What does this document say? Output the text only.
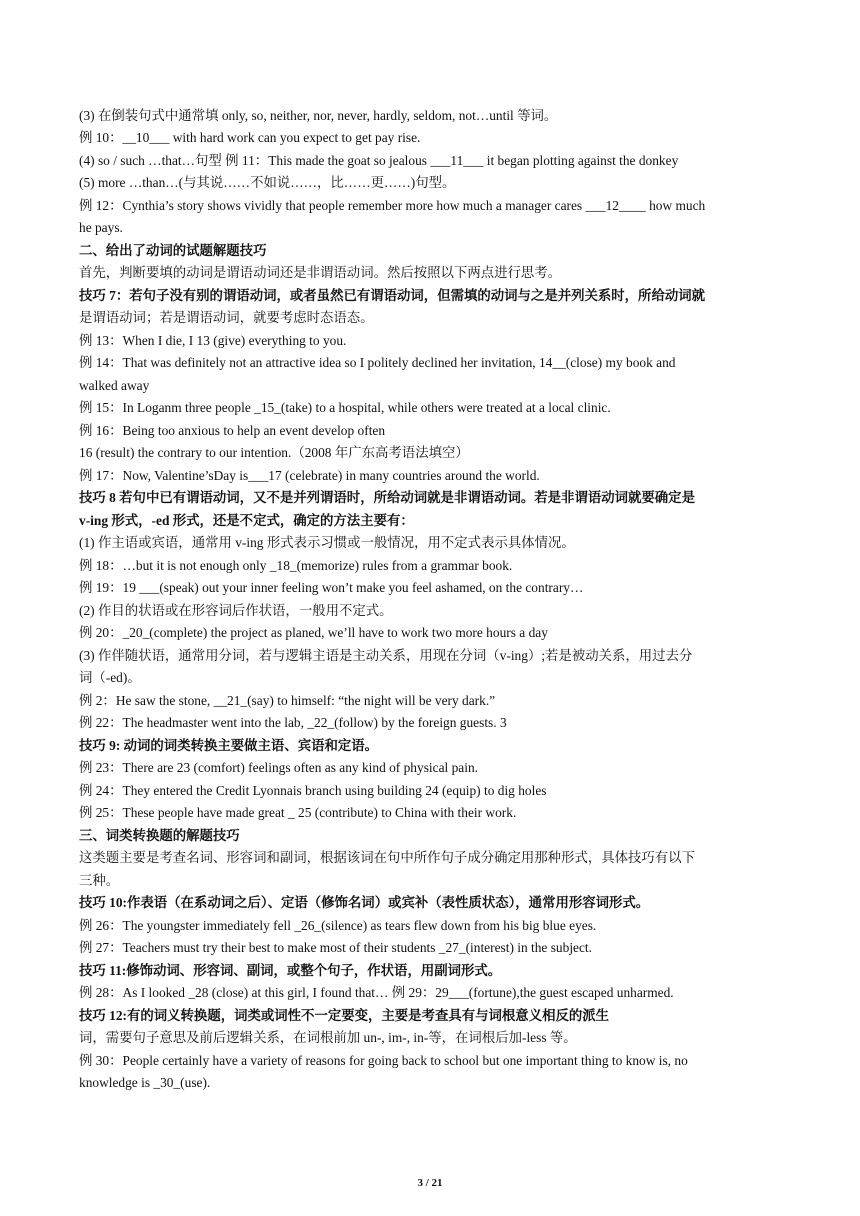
(3) 在倒装句式中通常填 only, so, neither, nor, never, hardly, seldom, not…until 等词。
例 10：__10___ with hard work can you expect to get pay rise.
(4) so / such …that…句型 例 11：This made the goat so jealous ___11___ it began plotting against the donkey
(5) more …than…(与其说……不如说……，比……更……)句型。
例 12：Cynthia’s story shows vividly that people remember more how much a manager cares ___12____ how much
he pays.
二、给出了动词的试题解题技巧
首先，判断要填的动词是谓语动词还是非谓语动词。然后按照以下两点进行思考。
技巧 7：若句子没有别的谓语动词，或者虽然已有谓语动词，但需填的动词与之是并列关系时，所给动词就
是谓语动词；若是谓语动词，就要考虑时态语态。
例 13：When I die, I 13 (give) everything to you.
例 14：That was definitely not an attractive idea so I politely declined her invitation, 14__(close) my book and
walked away
例 15：In Loganm three people _15_(take) to a hospital, while others were treated at a local clinic.
例 16：Being too anxious to help an event develop often
16 (result) the contrary to our intention.（2008 年广东高考语法填空）
例 17：Now, Valentine’sDay is___17 (celebrate) in many countries around the world.
技巧 8 若句中已有谓语动词，又不是并列谓语时，所给动词就是非谓语动词。若是非谓语动词就要确定是
v-ing 形式，-ed 形式，还是不定式，确定的方法主要有：
(1) 作主语或宾语，通常用 v-ing 形式表示习惯或一般情况，用不定式表示具体情况。
例 18：…but it is not enough only _18_(memorize) rules from a grammar book.
例 19：19 ___(speak) out your inner feeling won’t make you feel ashamed, on the contrary…
(2) 作目的状语或在形容词后作状语，一般用不定式。
例 20：_20_(complete) the project as planed, we’ll have to work two more hours a day
(3) 作伴随状语，通常用分词，若与逻辑主语是主动关系，用现在分词（v-ing）;若是被动关系，用过去分
词（-ed)。
例 2：He saw the stone, __21_(say) to himself: “the night will be very dark.”
例 22：The headmaster went into the lab, _22_(follow) by the foreign guests. 3
技巧 9: 动词的词类转换主要做主语、宾语和定语。
例 23：There are 23 (comfort) feelings often as any kind of physical pain.
例 24：They entered the Credit Lyonnais branch using building 24 (equip) to dig holes
例 25：These people have made great _ 25 (contribute) to China with their work.
三、词类转换题的解题技巧
这类题主要是考查名词、形容词和副词，根据该词在句中所作句子成分确定用那种形式，具体技巧有以下
三种。
技巧 10:作表语（在系动词之后）、定语（修饰名词）或宾补（表性质状态），通常用形容词形式。
例 26：The youngster immediately fell _26_(silence) as tears flew down from his big blue eyes.
例 27：Teachers must try their best to make most of their students _27_(interest) in the subject.
技巧 11:修饰动词、形容词、副词，或整个句子，作状语，用副词形式。
例 28：As I looked _28 (close) at this girl, I found that… 例 29：29___(fortune),the guest escaped unharmed.
技巧 12:有的词义转换题，词类或词性不一定要变，主要是考查具有与词根意义相反的派生
词，需要句子意思及前后逻辑关系，在词根前加 un-, im-, in-等，在词根后加-less 等。
例 30：People certainly have a variety of reasons for going back to school but one important thing to know is, no
knowledge is _30_(use).
3 / 21
